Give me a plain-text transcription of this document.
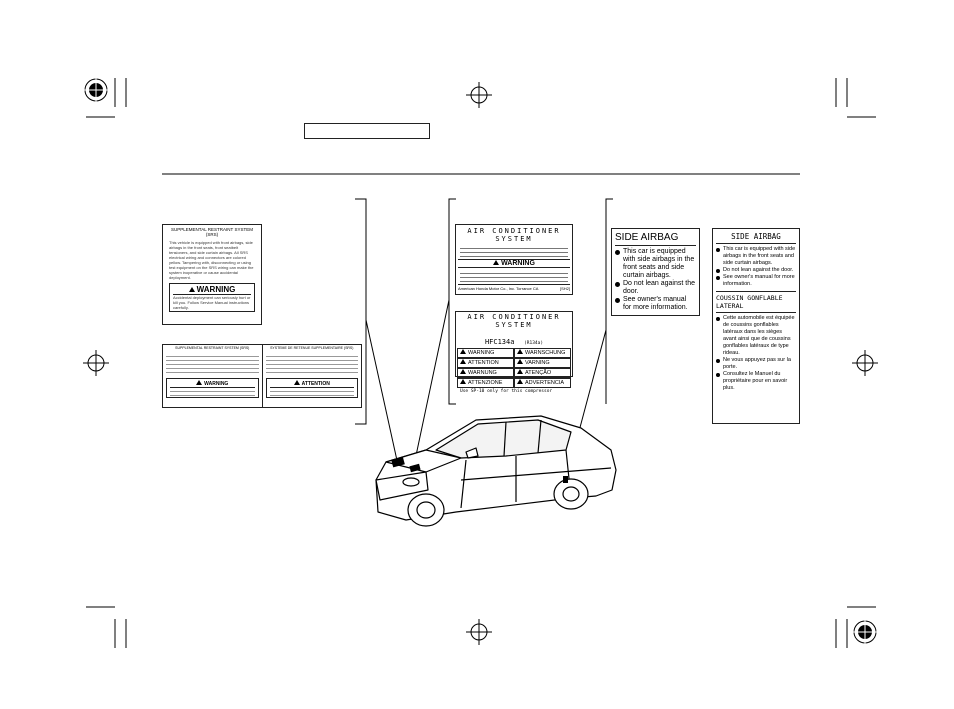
SUPPLEMENTAL RESTRAINT SYSTEM (SRS)
This vehicle is equipped with front airbags, side airbags in the front seats, front seatbelt tensioners, and side curtain airbags. All SRS electrical wiring and connectors are colored yellow. Tampering with, disconnecting or using test equipment on the SRS wiring can make the system inoperative or cause accidental deployment.
WARNING
Accidental deployment can seriously hurt or kill you. Follow Service Manual instructions carefully.
SUPPLEMENTAL RESTRAINT SYSTEM (SRS)
WARNING
SYSTEME DE RETENUE SUPPLEMENTAIRE (SRS)
ATTENTION
AIR CONDITIONER SYSTEM
WARNING
American Honda Motor Co., Inc. Torrance CA	[SH2]
AIR CONDITIONER SYSTEM
HFC134a (R134a)
WARNING	WARNSCHUNG
ATTENTION	VARNING
WARNUNG	ATENÇÃO
ATTENZIONE	ADVERTENCIA
Use SP-10 only for this compressor
SIDE AIRBAG
This car is equipped with side airbags in the front seats and side curtain airbags.
Do not lean against the door.
See owner's manual for more information.
SIDE AIRBAG
This car is equipped with side airbags in the front seats and side curtain airbags.
Do not lean against the door.
See owner's manual for more information.
COUSSIN GONFLABLE LATERAL
Cette automobile est équipée de coussins gonflables latéraux dans les sièges avant ainsi que de coussins gonflables latéraux de type rideau.
Ne vous appuyez pas sur la porte.
Consultez le Manuel du propriétaire pour en savoir plus.
